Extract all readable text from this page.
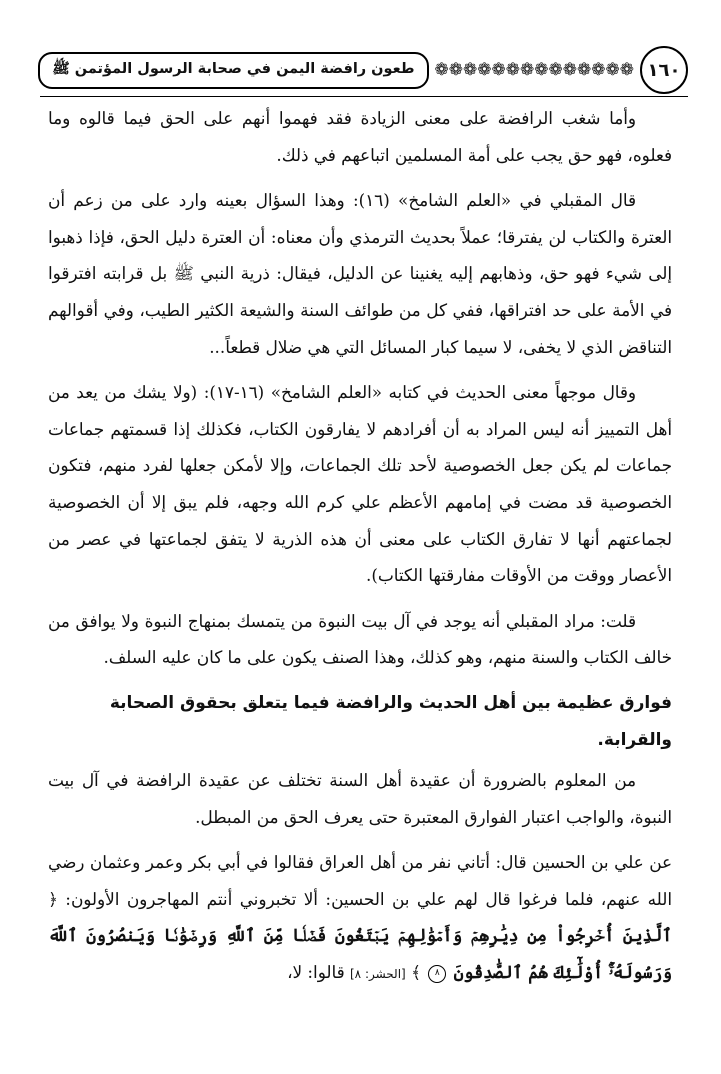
١٦٠
❁
❁
❁
❁
❁
❁
❁
❁
❁
❁
❁
❁
❁
❁
طعون رافضة اليمن في صحابة الرسول المؤتمن ﷺ

وأما شغب الرافضة على معنى الزيادة فقد فهموا أنهم على الحق فيما قالوه وما فعلوه، فهو حق يجب على أمة المسلمين اتباعهم في ذلك.

قال المقبلي في «العلم الشامخ» (١٦): وهذا السؤال بعينه وارد على من زعم أن العترة والكتاب لن يفترقا؛ عملاً بحديث الترمذي وأن معناه: أن العترة دليل الحق، فإذا ذهبوا إلى شيء فهو حق، وذهابهم إليه يغنينا عن الدليل، فيقال: ذرية النبي ﷺ بل قرابته افترقوا في الأمة على حد افتراقها، ففي كل من طوائف السنة والشيعة الكثير الطيب، وفي أقوالهم التناقض الذي لا يخفى، لا سيما كبار المسائل التي هي ضلال قطعاً...

وقال موجهاً معنى الحديث في كتابه «العلم الشامخ» (١٦-١٧): (ولا يشك من يعد من أهل التمييز أنه ليس المراد به أن أفرادهم لا يفارقون الكتاب، فكذلك إذا قسمتهم جماعات جماعات لم يكن جعل الخصوصية لأحد تلك الجماعات، وإلا لأمكن جعلها لفرد منهم، فتكون الخصوصية قد مضت في إمامهم الأعظم علي كرم الله وجهه، فلم يبق إلا أن الخصوصية لجماعتهم أنها لا تفارق الكتاب على معنى أن هذه الذرية لا يتفق لجماعتها في عصر من الأعصار ووقت من الأوقات مفارقتها الكتاب).

قلت: مراد المقبلي أنه يوجد في آل بيت النبوة من يتمسك بمنهاج النبوة ولا يوافق من خالف الكتاب والسنة منهم، وهو كذلك، وهذا الصنف يكون على ما كان عليه السلف.

فوارق عظيمة بين أهل الحديث والرافضة فيما يتعلق بحقوق الصحابة والقرابة.

من المعلوم بالضرورة أن عقيدة أهل السنة تختلف عن عقيدة الرافضة في آل بيت النبوة، والواجب اعتبار الفوارق المعتبرة حتى يعرف الحق من المبطل.

عن علي بن الحسين قال: أتاني نفر من أهل العراق فقالوا في أبي بكر وعمر وعثمان رضي الله عنهم، فلما فرغوا قال لهم علي بن الحسين: ألا تخبروني أنتم المهاجرون الأولون: ﴿ ٱلَّذِينَ أُخۡرِجُواْ مِن دِيَٰرِهِمۡ وَأَمۡوَٰلِهِمۡ يَبۡتَغُونَ فَضۡلٗا مِّنَ ٱللَّهِ وَرِضۡوَٰنٗا وَيَنصُرُونَ ٱللَّهَ وَرَسُولَهُۥٓۚ أُوْلَٰٓئِكَ هُمُ ٱلصَّٰدِقُونَ ٨ ﴾ [الحشر: ٨] قالوا: لا،
